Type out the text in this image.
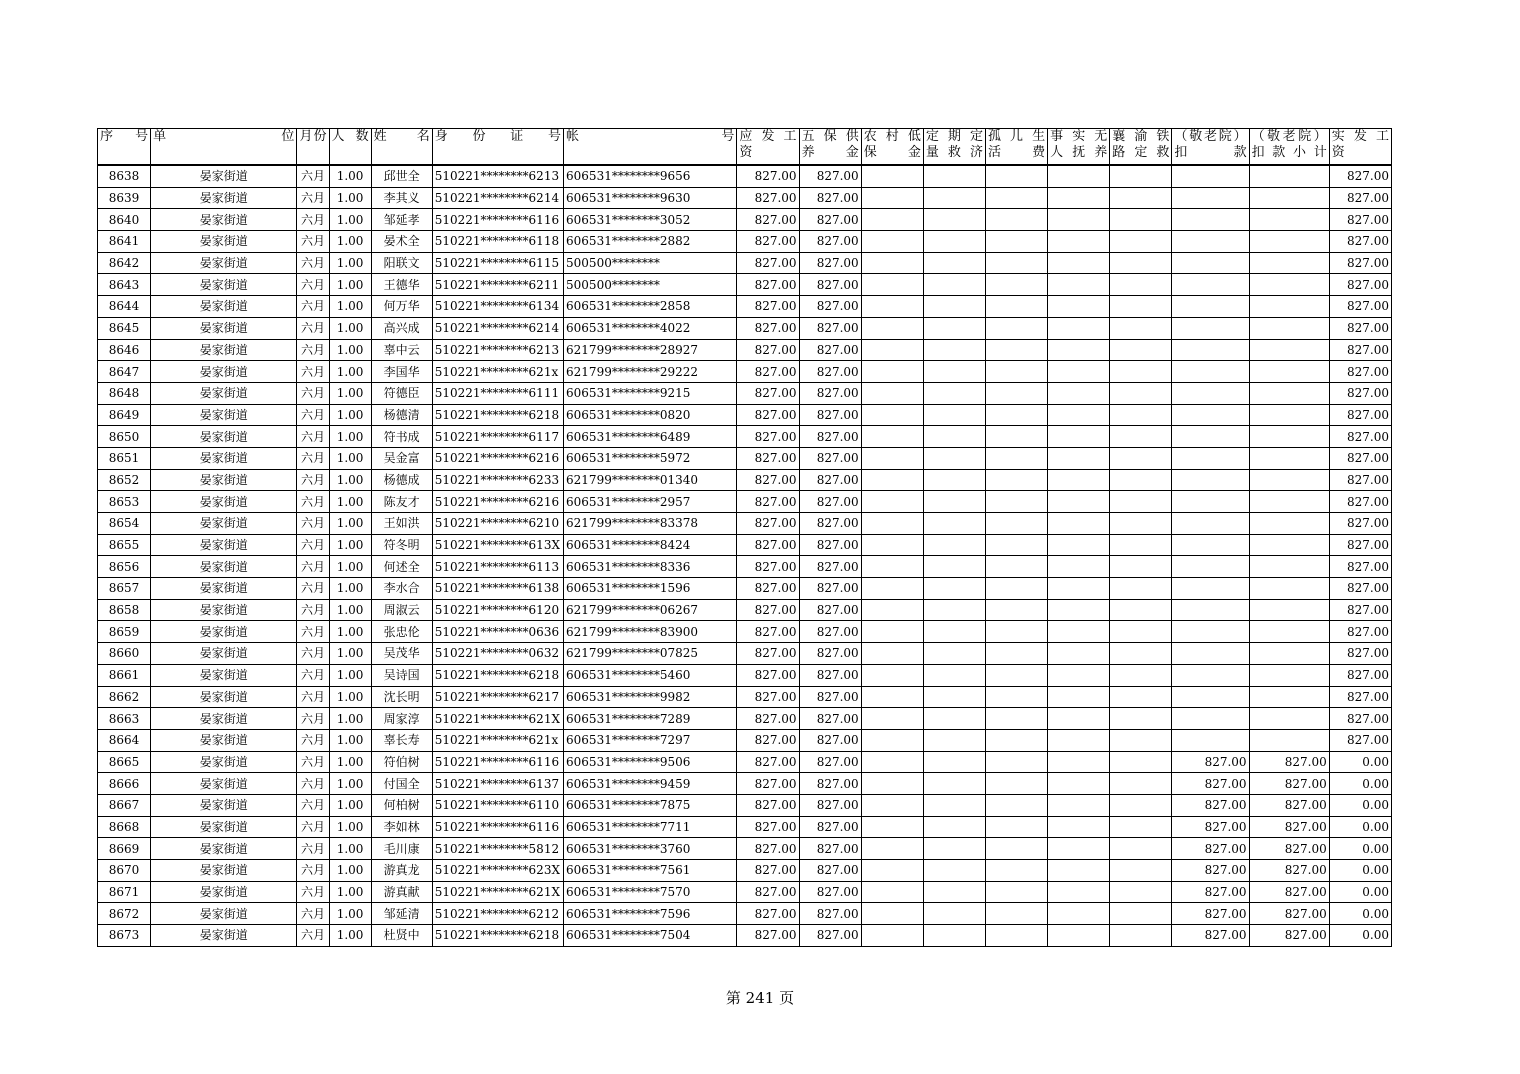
序　号	单　　　位	月份	人 数	姓　名	身　份　证　号	帐　　　　　号	应 发 工 资	五 保 供 养 金	农 村 低 保 金	定 期 定 量 救 济	孤 儿 生 活 费	事 实 无 人 抚 养	襄 渝 铁 路 定 救	（敬老院） 扣　款	（敬老院） 扣 款 小 计	实 发 工 资
8638	晏家街道	六月	1.00	邱世全	510221********6213	606531********9656	827.00	827.00								827.00
8639	晏家街道	六月	1.00	李其义	510221********6214	606531********9630	827.00	827.00								827.00
8640	晏家街道	六月	1.00	邹延孝	510221********6116	606531********3052	827.00	827.00								827.00
8641	晏家街道	六月	1.00	晏术全	510221********6118	606531********2882	827.00	827.00								827.00
8642	晏家街道	六月	1.00	阳联文	510221********6115	500500********	827.00	827.00								827.00
8643	晏家街道	六月	1.00	王德华	510221********6211	500500********	827.00	827.00								827.00
8644	晏家街道	六月	1.00	何万华	510221********6134	606531********2858	827.00	827.00								827.00
8645	晏家街道	六月	1.00	高兴成	510221********6214	606531********4022	827.00	827.00								827.00
8646	晏家街道	六月	1.00	辜中云	510221********6213	621799********28927	827.00	827.00								827.00
8647	晏家街道	六月	1.00	李国华	510221********621x	621799********29222	827.00	827.00								827.00
8648	晏家街道	六月	1.00	符德臣	510221********6111	606531********9215	827.00	827.00								827.00
8649	晏家街道	六月	1.00	杨德清	510221********6218	606531********0820	827.00	827.00								827.00
8650	晏家街道	六月	1.00	符书成	510221********6117	606531********6489	827.00	827.00								827.00
8651	晏家街道	六月	1.00	吴金富	510221********6216	606531********5972	827.00	827.00								827.00
8652	晏家街道	六月	1.00	杨德成	510221********6233	621799********01340	827.00	827.00								827.00
8653	晏家街道	六月	1.00	陈友才	510221********6216	606531********2957	827.00	827.00								827.00
8654	晏家街道	六月	1.00	王如洪	510221********6210	621799********83378	827.00	827.00								827.00
8655	晏家街道	六月	1.00	符冬明	510221********613X	606531********8424	827.00	827.00								827.00
8656	晏家街道	六月	1.00	何述全	510221********6113	606531********8336	827.00	827.00								827.00
8657	晏家街道	六月	1.00	李水合	510221********6138	606531********1596	827.00	827.00								827.00
8658	晏家街道	六月	1.00	周淑云	510221********6120	621799********06267	827.00	827.00								827.00
8659	晏家街道	六月	1.00	张忠伦	510221********0636	621799********83900	827.00	827.00								827.00
8660	晏家街道	六月	1.00	吴茂华	510221********0632	621799********07825	827.00	827.00								827.00
8661	晏家街道	六月	1.00	吴诗国	510221********6218	606531********5460	827.00	827.00								827.00
8662	晏家街道	六月	1.00	沈长明	510221********6217	606531********9982	827.00	827.00								827.00
8663	晏家街道	六月	1.00	周家淳	510221********621X	606531********7289	827.00	827.00								827.00
8664	晏家街道	六月	1.00	辜长寿	510221********621x	606531********7297	827.00	827.00								827.00
8665	晏家街道	六月	1.00	符伯树	510221********6116	606531********9506	827.00	827.00						827.00	827.00	0.00
8666	晏家街道	六月	1.00	付国全	510221********6137	606531********9459	827.00	827.00						827.00	827.00	0.00
8667	晏家街道	六月	1.00	何柏树	510221********6110	606531********7875	827.00	827.00						827.00	827.00	0.00
8668	晏家街道	六月	1.00	李如林	510221********6116	606531********7711	827.00	827.00						827.00	827.00	0.00
8669	晏家街道	六月	1.00	毛川康	510221********5812	606531********3760	827.00	827.00						827.00	827.00	0.00
8670	晏家街道	六月	1.00	游真龙	510221********623X	606531********7561	827.00	827.00						827.00	827.00	0.00
8671	晏家街道	六月	1.00	游真献	510221********621X	606531********7570	827.00	827.00						827.00	827.00	0.00
8672	晏家街道	六月	1.00	邹延清	510221********6212	606531********7596	827.00	827.00						827.00	827.00	0.00
8673	晏家街道	六月	1.00	杜贤中	510221********6218	606531********7504	827.00	827.00						827.00	827.00	0.00
第 241 页
